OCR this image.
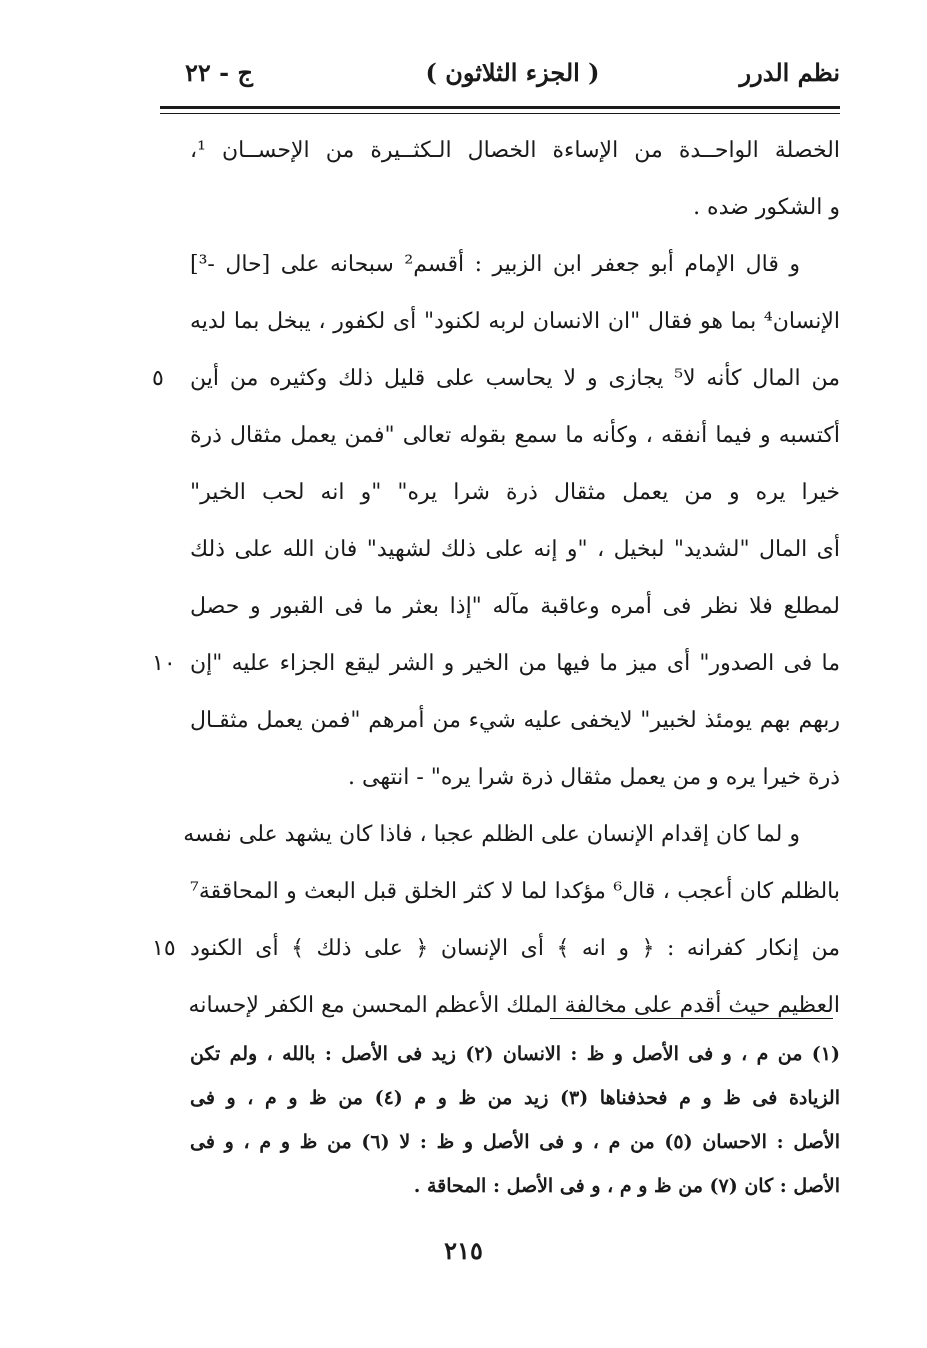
نظم الدرر
( الجزء الثلاثون )
ج - ٢٢
الخصلة الواحــدة من الإساءة الخصال الـكثــيرة من الإحســان ¹،
و الشكور ضده .
و قال الإمام أبو جعفر ابن الزبير : أقسم² سبحانه على [حال -³]
الإنسان⁴ بما هو فقال "ان الانسان لربه لكنود" أى لكفور ، يبخل بما لديه
من المال كأنه لا⁵ يجازى و لا يحاسب على قليل ذلك وكثيره من أين
٥
أكتسبه و فيما أنفقه ، وكأنه ما سمع بقوله تعالى "فمن يعمل مثقال ذرة
خيرا يره و من يعمل مثقال ذرة شرا يره" "و انه لحب الخير"
أى المال "لشديد" لبخيل ، "و إنه على ذلك لشهيد" فان الله على ذلك
لمطلع فلا نظر فى أمره وعاقبة مآله "إذا بعثر ما فى القبور و حصل
ما فى الصدور" أى ميز ما فيها من الخير و الشر ليقع الجزاء عليه "إن
١٠
ربهم بهم يومئذ لخبير" لايخفى عليه شيء من أمرهم "فمن يعمل مثقـال
ذرة خيرا يره و من يعمل مثقال ذرة شرا يره" - انتهى .
و لما كان إقدام الإنسان على الظلم عجبا ، فاذا كان يشهد على نفسه
بالظلم كان أعجب ، قال⁶ مؤكدا لما لا كثر الخلق قبل البعث و المحاققة⁷
من إنكار كفرانه : ﴿ و انه ﴾ أى الإنسان ﴿ على ذلك ﴾ أى الكنود
١٥
العظيم حيث أقدم على مخالفة الملك الأعظم المحسن مع الكفر لإحسانه
(١) من م ، و فى الأصل و ظ : الانسان (٢) زيد فى الأصل : بالله ، ولم تكن
الزيادة فى ظ و م فحذفناها (٣) زيد من ظ و م (٤) من ظ و م ، و فى
الأصل : الاحسان (٥) من م ، و فى الأصل و ظ : لا (٦) من ظ و م ، و فى
الأصل : كان (٧) من ظ و م ، و فى الأصل : المحاقة .
٢١٥
